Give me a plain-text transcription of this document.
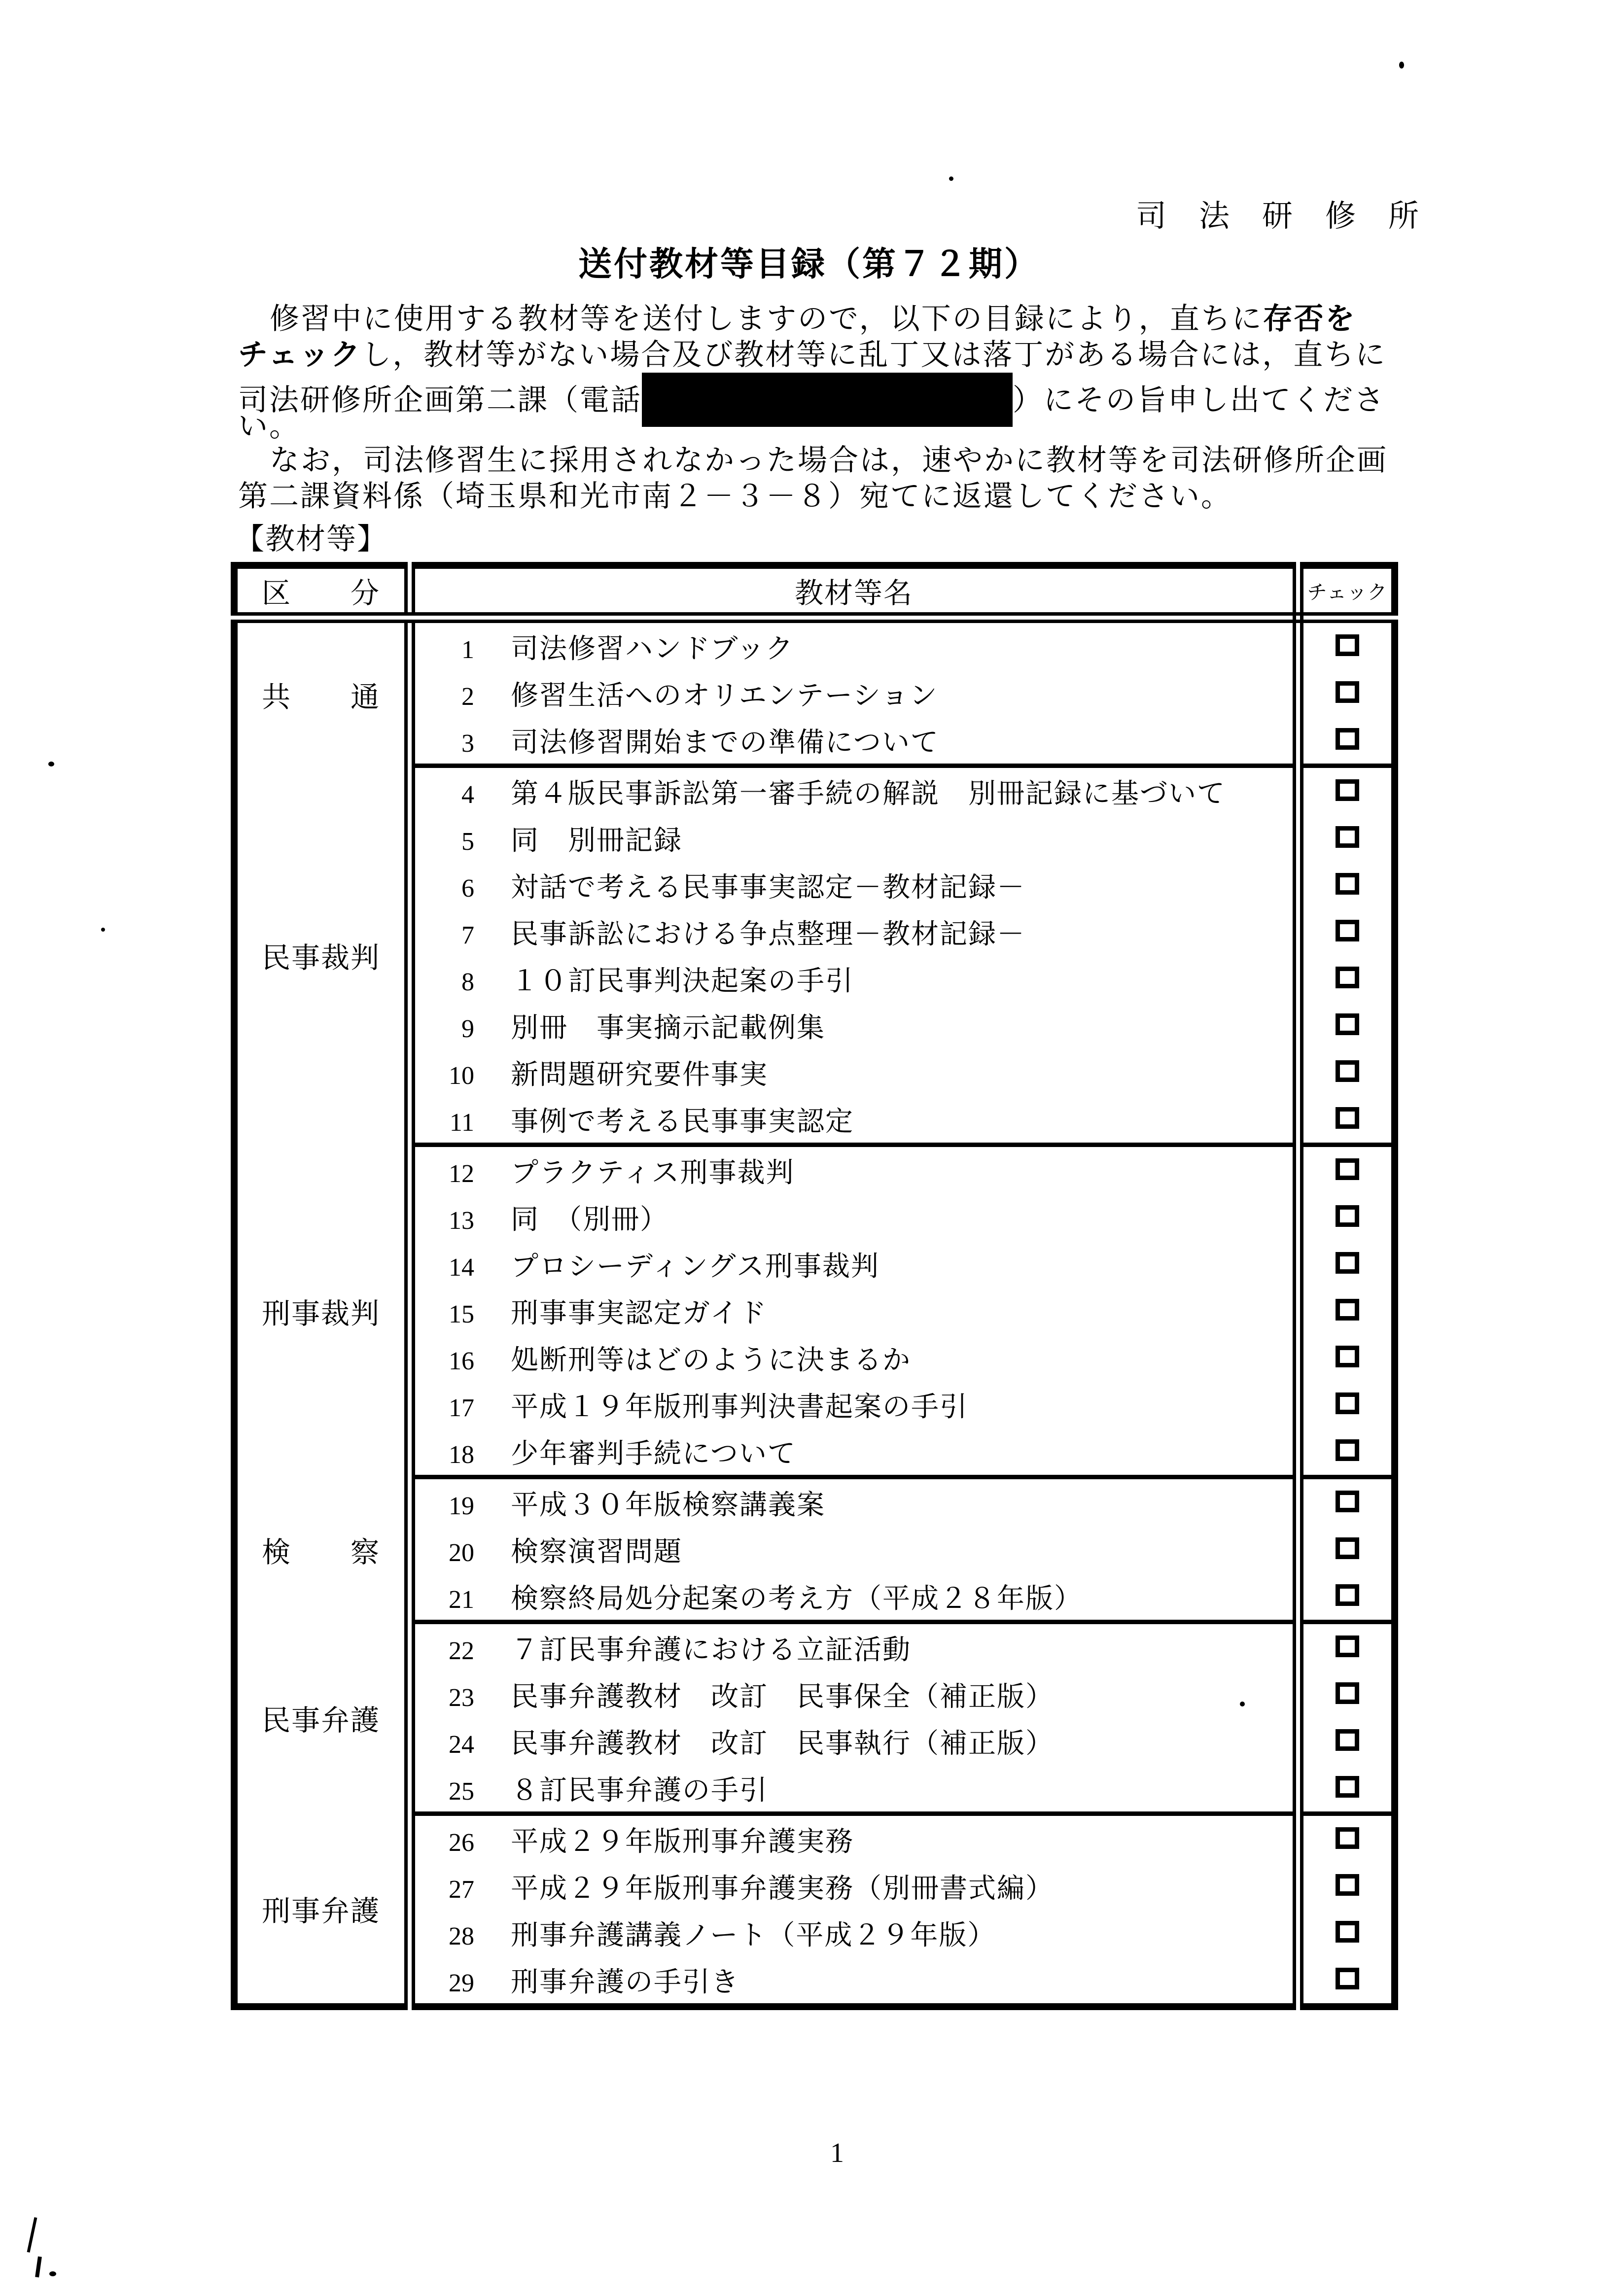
司　法　研　修　所
送付教材等目録（第７２期）
修習中に使用する教材等を送付しますので，以下の目録により，直ちに存否を
チェックし，教材等がない場合及び教材等に乱丁又は落丁がある場合には，直ちに
司法研修所企画第二課（電話	）にその旨申し出てくださ
い。
なお，司法修習生に採用されなかった場合は，速やかに教材等を司法研修所企画
第二課資料係（埼玉県和光市南２－３－８）宛てに返還してください。
【教材等】
区　　分	教材等名	チェック
共　　通	1 司法修習ハンドブック	
	2 修習生活へのオリエンテーション	
	3 司法修習開始までの準備について	
民事裁判	4 第４版民事訴訟第一審手続の解説　別冊記録に基づいて	
	5 同　別冊記録	
	6 対話で考える民事事実認定－教材記録－	
	7 民事訴訟における争点整理－教材記録－	
	8 １０訂民事判決起案の手引	
	9 別冊　事実摘示記載例集	
	10 新問題研究要件事実	
	11 事例で考える民事事実認定	
刑事裁判	12 プラクティス刑事裁判	
	13 同　（別冊）	
	14 プロシーディングス刑事裁判	
	15 刑事事実認定ガイド	
	16 処断刑等はどのように決まるか	
	17 平成１９年版刑事判決書起案の手引	
	18 少年審判手続について	
検　　察	19 平成３０年版検察講義案	
	20 検察演習問題	
	21 検察終局処分起案の考え方（平成２８年版）	
民事弁護	22 ７訂民事弁護における立証活動	
	23 民事弁護教材　改訂　民事保全（補正版）	
	24 民事弁護教材　改訂　民事執行（補正版）	
	25 ８訂民事弁護の手引	
刑事弁護	26 平成２９年版刑事弁護実務	
	27 平成２９年版刑事弁護実務（別冊書式編）	
	28 刑事弁護講義ノート（平成２９年版）	
	29 刑事弁護の手引き	
1
